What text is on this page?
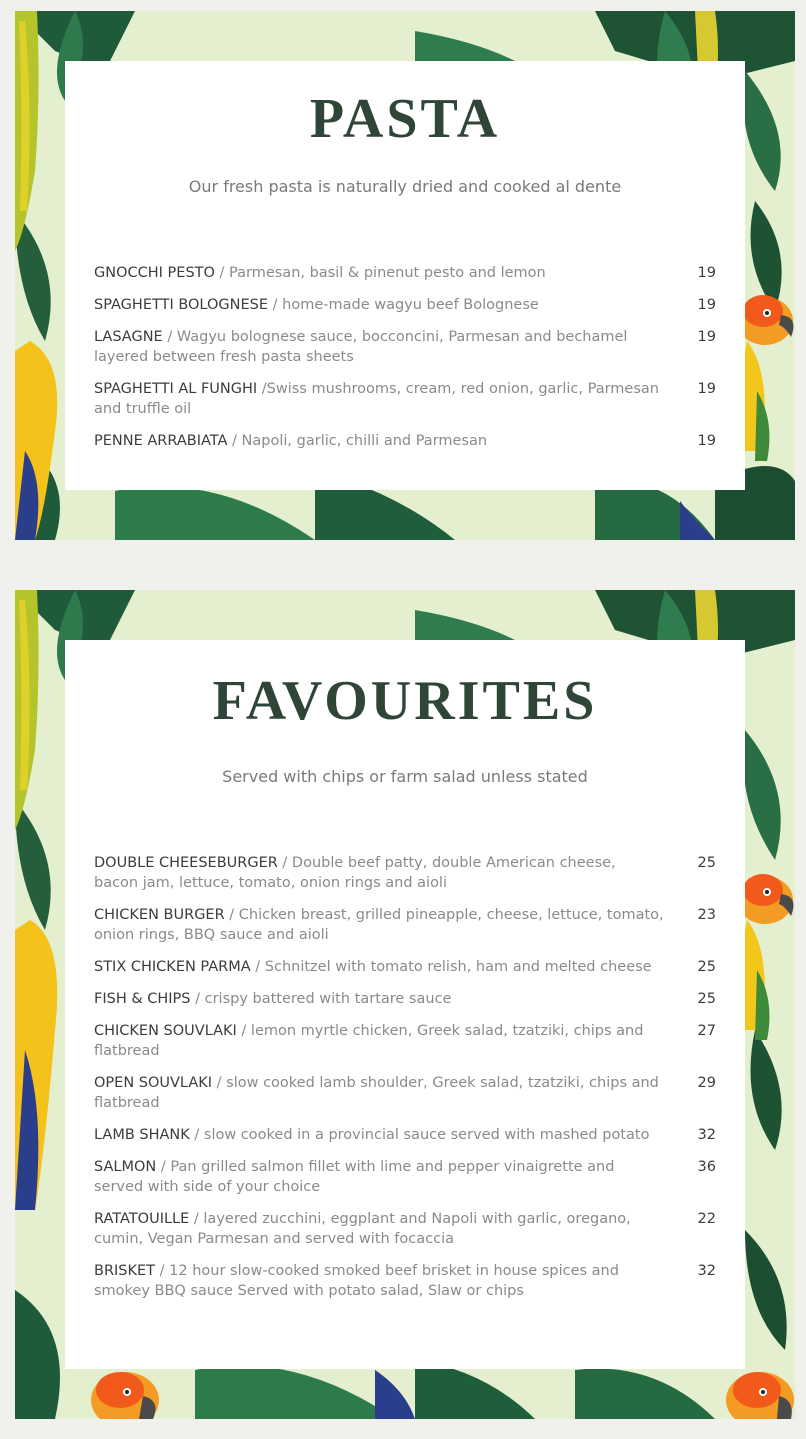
PASTA

Our fresh pasta is naturally dried and cooked al dente

GNOCCHI PESTO / Parmesan, basil & pinenut pesto and lemon	19
SPAGHETTI BOLOGNESE / home-made wagyu beef Bolognese	19
LASAGNE / Wagyu bolognese sauce, bocconcini, Parmesan and bechamel layered between fresh pasta sheets
19
SPAGHETTI AL FUNGHI /Swiss mushrooms, cream, red onion, garlic, Parmesan and truffle oil
19
PENNE ARRABIATA / Napoli, garlic, chilli and Parmesan	19
FAVOURITES

Served with chips or farm salad unless stated

DOUBLE CHEESEBURGER / Double beef patty, double American cheese, bacon jam, lettuce, tomato, onion rings and aioli
25
CHICKEN BURGER / Chicken breast, grilled pineapple, cheese, lettuce, tomato, onion rings, BBQ sauce and aioli
23
STIX CHICKEN PARMA / Schnitzel with tomato relish, ham and melted cheese	25
FISH & CHIPS / crispy battered with tartare sauce	25
CHICKEN SOUVLAKI / lemon myrtle chicken, Greek salad, tzatziki, chips and flatbread
27
OPEN SOUVLAKI / slow cooked lamb shoulder, Greek salad, tzatziki, chips and flatbread
29
LAMB SHANK / slow cooked in a provincial sauce served with mashed potato	32
SALMON / Pan grilled salmon fillet with lime and pepper vinaigrette and served with side of your choice
36
RATATOUILLE / layered zucchini, eggplant and Napoli with garlic, oregano, cumin, Vegan Parmesan and served with focaccia
22
BRISKET / 12 hour slow-cooked smoked beef brisket in house spices and smokey BBQ sauce Served with potato salad, Slaw or chips
32
